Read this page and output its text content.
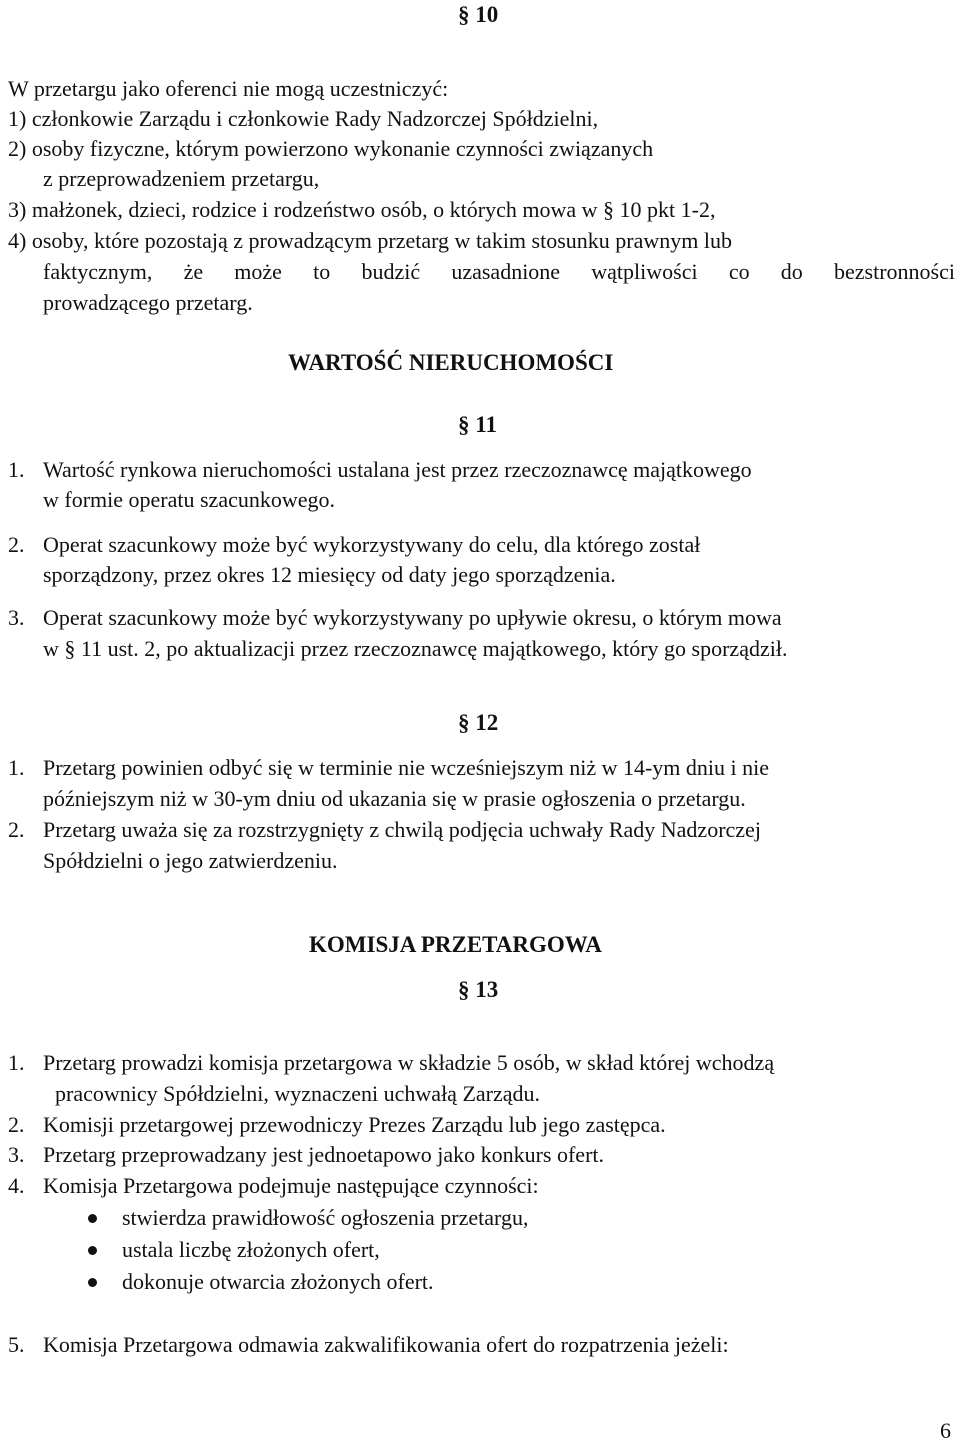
§ 10
W przetargu jako oferenci nie mogą uczestniczyć:
1) członkowie Zarządu i członkowie Rady Nadzorczej Spółdzielni,
2) osoby fizyczne, którym powierzono wykonanie czynności związanych
z przeprowadzeniem przetargu,
3) małżonek, dzieci, rodzice i rodzeństwo osób, o których mowa w § 10 pkt 1-2,
4) osoby, które pozostają z prowadzącym przetarg w takim stosunku prawnym lub
faktycznym, że może to budzić uzasadnione wątpliwości co do bezstronności
prowadzącego przetarg.
WARTOŚĆ NIERUCHOMOŚCI
§ 11
1. Wartość rynkowa nieruchomości ustalana jest przez rzeczoznawcę majątkowego
w formie operatu szacunkowego.
2. Operat szacunkowy może być wykorzystywany do celu, dla którego został
sporządzony, przez okres 12 miesięcy od daty jego sporządzenia.
3. Operat szacunkowy może być wykorzystywany po upływie okresu, o którym mowa
w § 11 ust. 2, po aktualizacji przez rzeczoznawcę majątkowego, który go sporządził.
§ 12
1. Przetarg powinien odbyć się w terminie nie wcześniejszym niż w 14-ym dniu i nie
późniejszym niż w 30-ym dniu od ukazania się w prasie ogłoszenia o przetargu.
2. Przetarg uważa się za rozstrzygnięty z chwilą podjęcia uchwały Rady Nadzorczej
Spółdzielni o jego zatwierdzeniu.
KOMISJA PRZETARGOWA
§ 13
1. Przetarg prowadzi komisja przetargowa w składzie 5 osób, w skład której wchodzą
pracownicy Spółdzielni, wyznaczeni uchwałą Zarządu.
2. Komisji przetargowej przewodniczy Prezes Zarządu lub jego zastępca.
3. Przetarg przeprowadzany jest jednoetapowo jako konkurs ofert.
4. Komisja Przetargowa podejmuje następujące czynności:
stwierdza prawidłowość ogłoszenia przetargu,
ustala liczbę złożonych ofert,
dokonuje otwarcia złożonych ofert.
5. Komisja Przetargowa odmawia zakwalifikowania ofert do rozpatrzenia jeżeli:
6
